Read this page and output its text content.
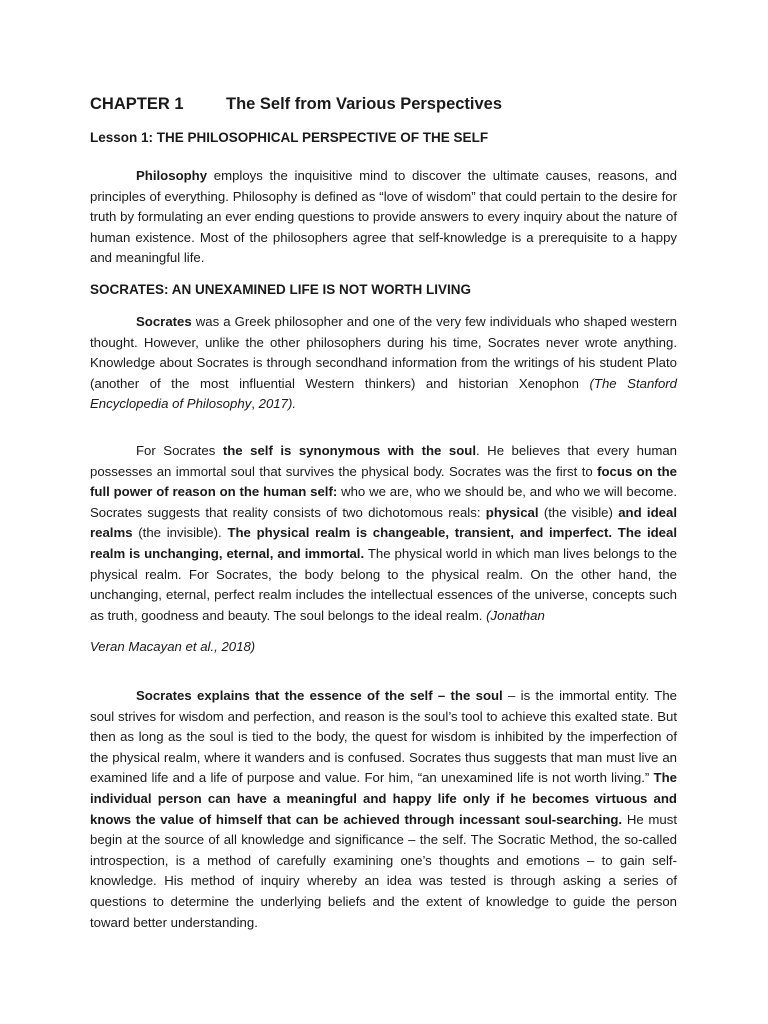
CHAPTER 1	The Self from Various Perspectives
Lesson 1: THE PHILOSOPHICAL PERSPECTIVE OF THE SELF

Philosophy employs the inquisitive mind to discover the ultimate causes, reasons, and principles of everything. Philosophy is defined as “love of wisdom” that could pertain to the desire for truth by formulating an ever ending questions to provide answers to every inquiry about the nature of human existence. Most of the philosophers agree that self-knowledge is a prerequisite to a happy and meaningful life.

SOCRATES: AN UNEXAMINED LIFE IS NOT WORTH LIVING

Socrates was a Greek philosopher and one of the very few individuals who shaped western thought. However, unlike the other philosophers during his time, Socrates never wrote anything. Knowledge about Socrates is through secondhand information from the writings of his student Plato (another of the most influential Western thinkers) and historian Xenophon (The Stanford Encyclopedia of Philosophy, 2017).

For Socrates the self is synonymous with the soul. He believes that every human possesses an immortal soul that survives the physical body. Socrates was the first to focus on the full power of reason on the human self: who we are, who we should be, and who we will become. Socrates suggests that reality consists of two dichotomous reals: physical (the visible) and ideal realms (the invisible). The physical realm is changeable, transient, and imperfect. The ideal realm is unchanging, eternal, and immortal. The physical world in which man lives belongs to the physical realm. For Socrates, the body belong to the physical realm. On the other hand, the unchanging, eternal, perfect realm includes the intellectual essences of the universe, concepts such as truth, goodness and beauty. The soul belongs to the ideal realm. (Jonathan

Veran Macayan et al., 2018)

Socrates explains that the essence of the self – the soul – is the immortal entity. The soul strives for wisdom and perfection, and reason is the soul’s tool to achieve this exalted state. But then as long as the soul is tied to the body, the quest for wisdom is inhibited by the imperfection of the physical realm, where it wanders and is confused. Socrates thus suggests that man must live an examined life and a life of purpose and value. For him, “an unexamined life is not worth living.” The individual person can have a meaningful and happy life only if he becomes virtuous and knows the value of himself that can be achieved through incessant soul-searching. He must begin at the source of all knowledge and significance – the self. The Socratic Method, the so-called introspection, is a method of carefully examining one’s thoughts and emotions – to gain self-knowledge. His method of inquiry whereby an idea was tested is through asking a series of questions to determine the underlying beliefs and the extent of knowledge to guide the person toward better understanding.
